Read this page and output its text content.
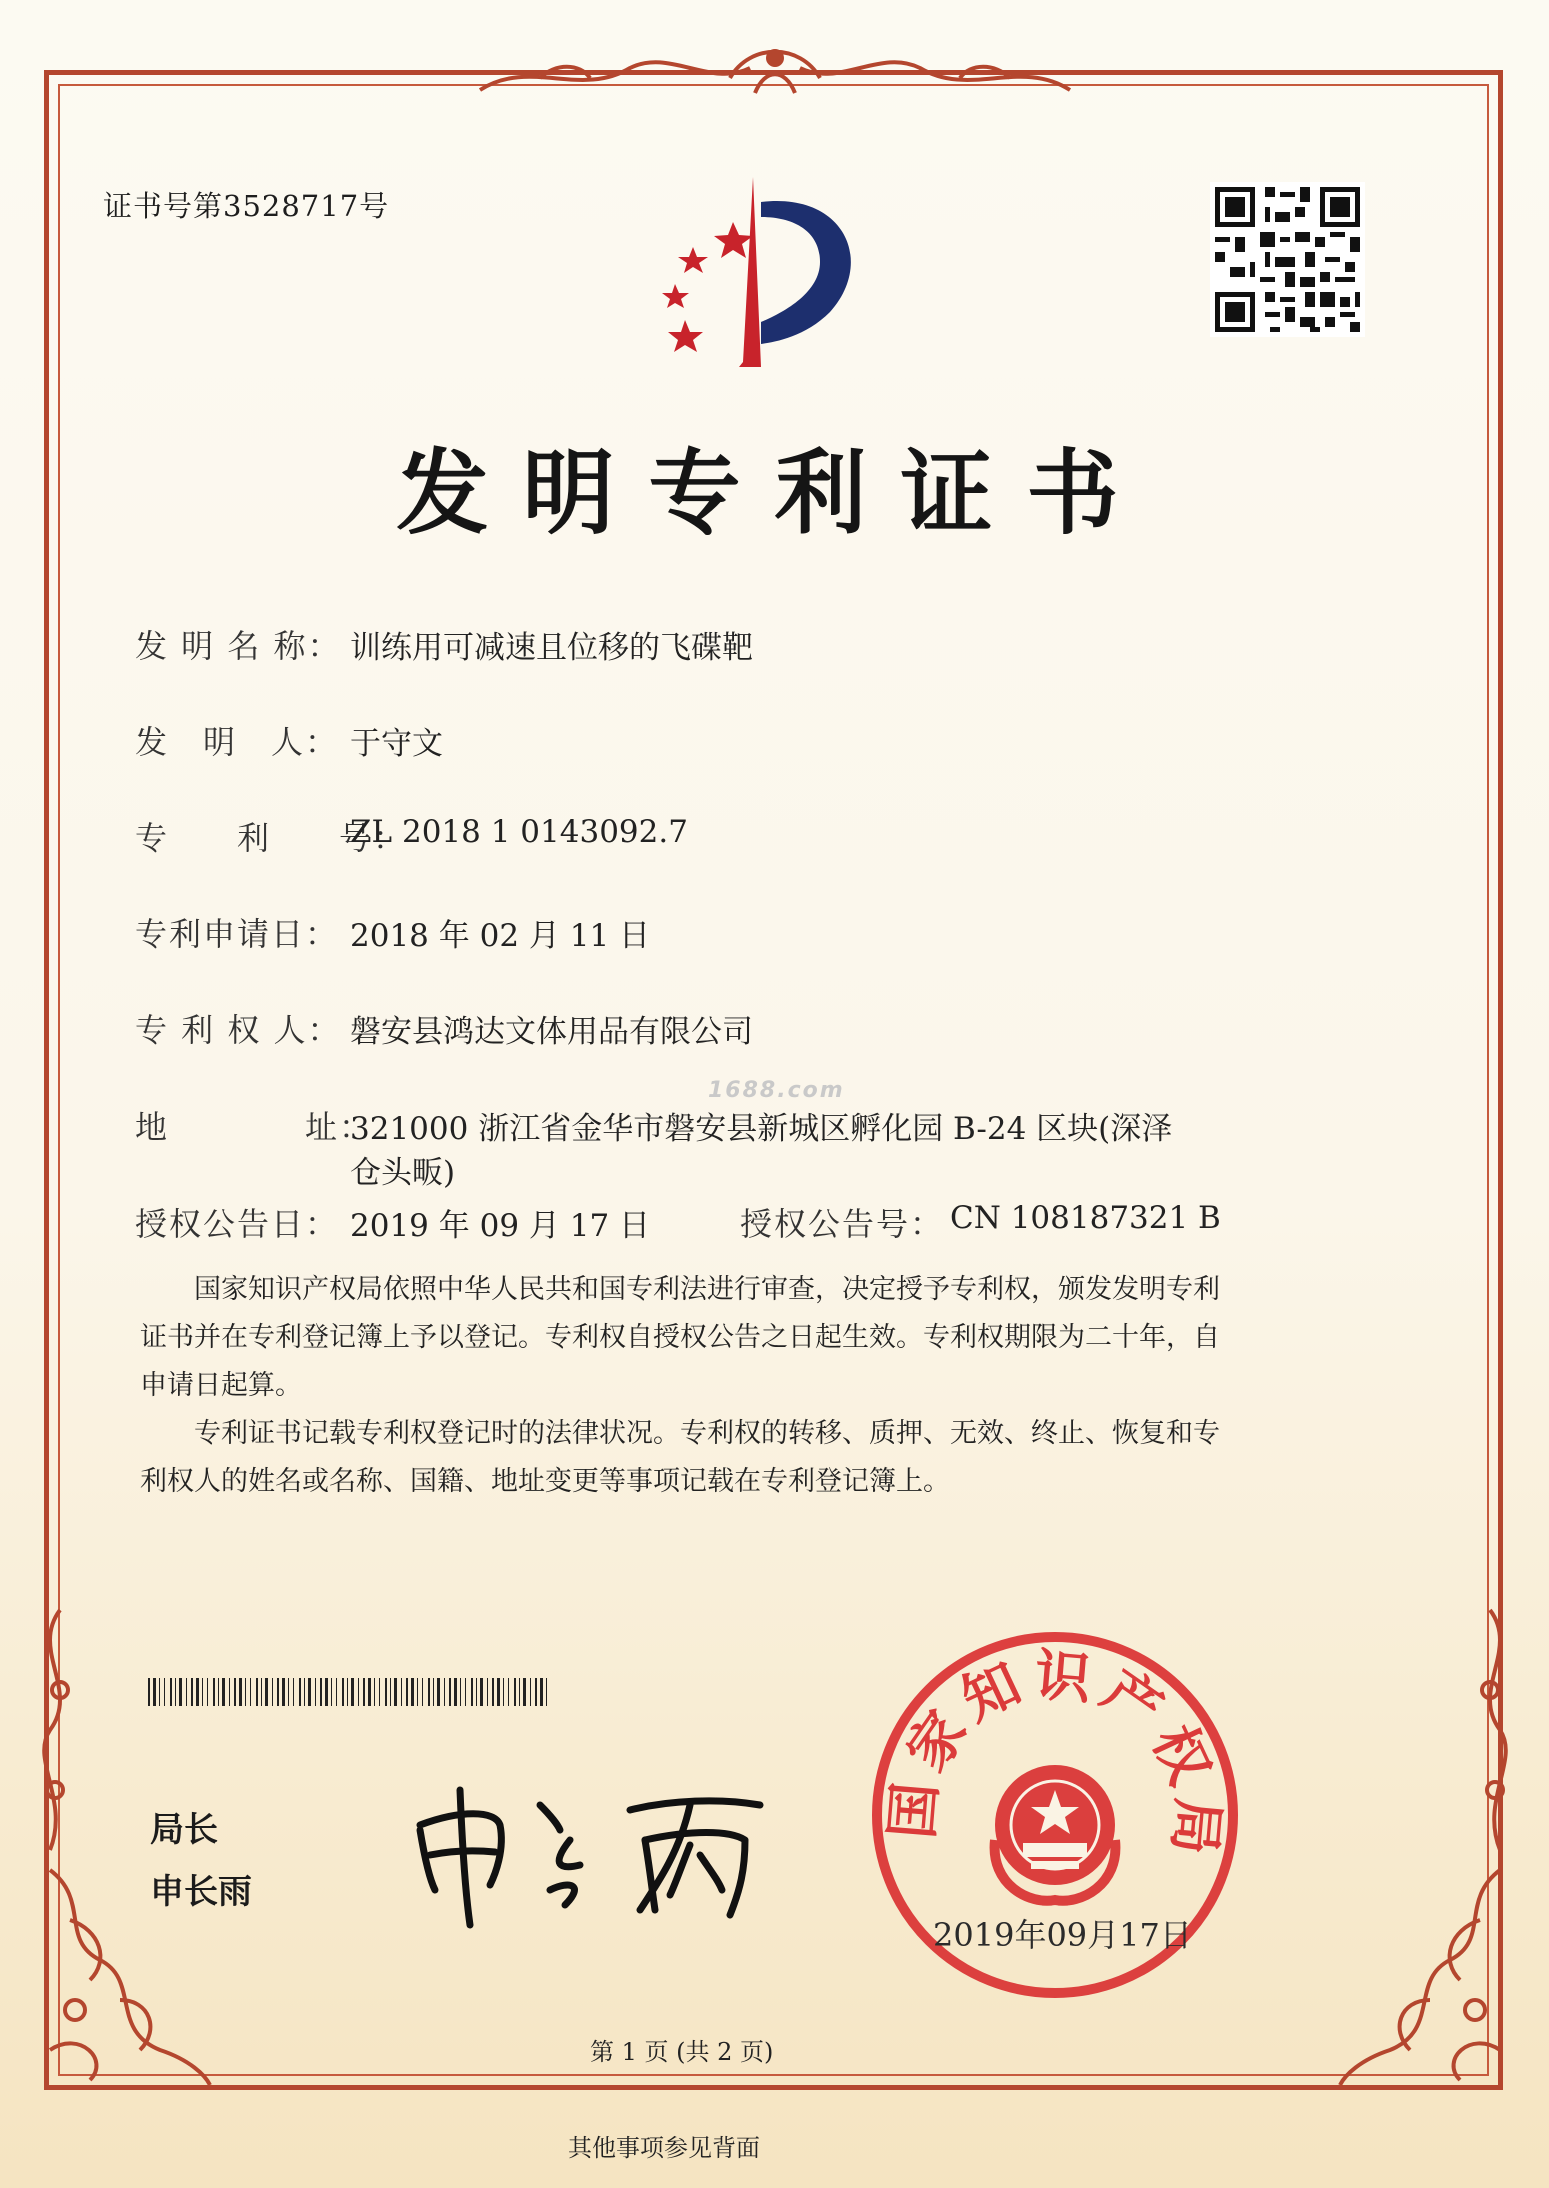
证书号第3528717号
发明专利证书
发 明 名 称： 训练用可减速且位移的飞碟靶
发　明　人： 于守文
专　　利　　号：
ZL 2018 1 0143092.7
专利申请日： 2018 年 02 月 11 日
专 利 权 人： 磐安县鸿达文体用品有限公司
地　　　　址：
321000 浙江省金华市磐安县新城区孵化园 B-24 区块(深泽
仓头畈)
授权公告日： 2019 年 09 月 17 日	授权公告号： CN 108187321 B
1688.com
　　国家知识产权局依照中华人民共和国专利法进行审查，决定授予专利权，颁发发明专利
证书并在专利登记簿上予以登记。专利权自授权公告之日起生效。专利权期限为二十年，自
申请日起算。
　　专利证书记载专利权登记时的法律状况。专利权的转移、质押、无效、终止、恢复和专
利权人的姓名或名称、国籍、地址变更等事项记载在专利登记簿上。
局长
申长雨
国家知识产权局
2019年09月17日
第 1 页 (共 2 页)
其他事项参见背面
